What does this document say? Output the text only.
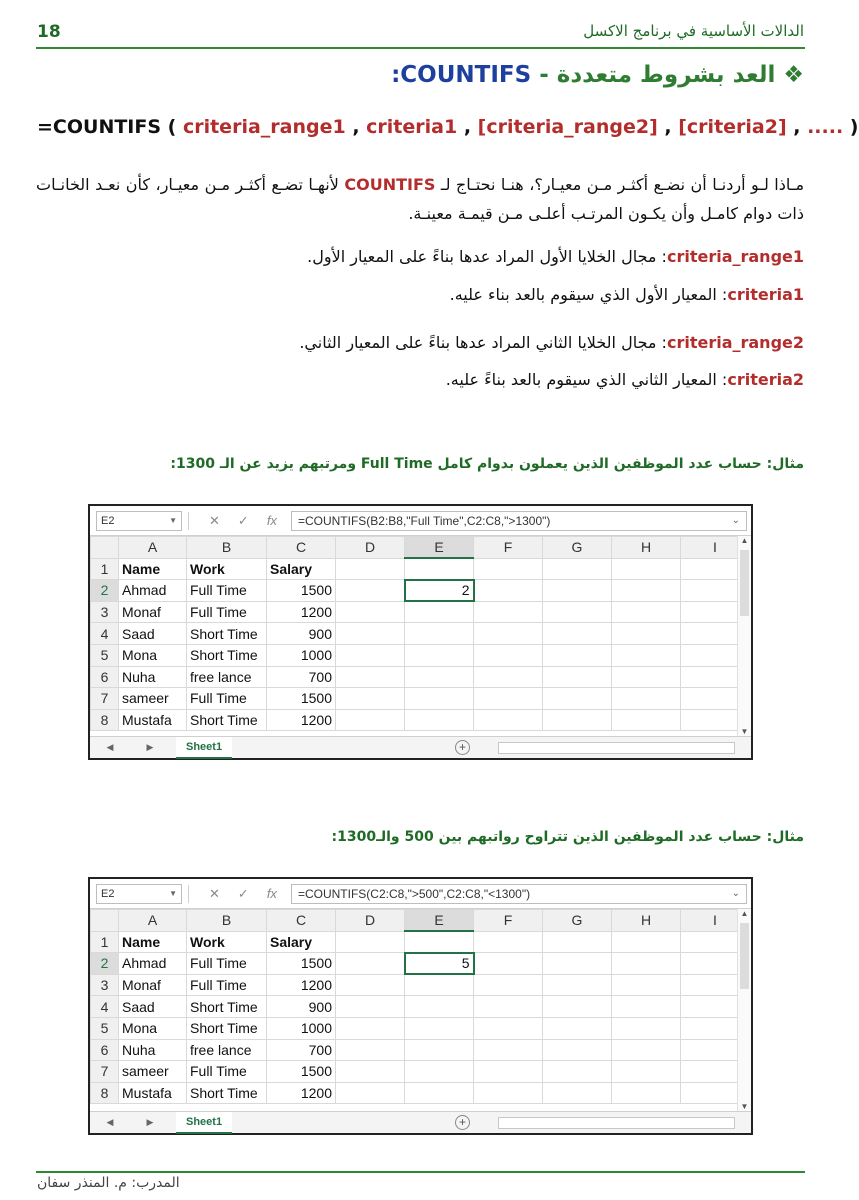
18	الدالات الأساسية في برنامج الاكسل
❖العد بشروط متعددة - COUNTIFS:
=COUNTIFS ( criteria_range1 , criteria1 , [criteria_range2] , [criteria2] , ..... )
مـاذا لـو أردنـا أن نضـع أكثـر مـن معيـار؟، هنـا نحتـاج لـ COUNTIFS لأنهـا تضـع أكثـر مـن معيـار، كأن نعـد الخانـات ذات دوام كامـل وأن يكـون المرتـب أعلـى مـن قيمـة معينـة.
criteria_range1: مجال الخلايا الأول المراد عدها بناءً على المعيار الأول.
criteria1: المعيار الأول الذي سيقوم بالعد بناء عليه.
criteria_range2: مجال الخلايا الثاني المراد عدها بناءً على المعيار الثاني.
criteria2: المعيار الثاني الذي سيقوم بالعد بناءً عليه.
مثال: حساب عدد الموظفين الذين يعملون بدوام كامل Full Time ومرتبهم يزيد عن الـ 1300:
E2	▼ ✕ ✓ fx =COUNTIFS(B2:B8,"Full Time",C2:C8,">1300")	⌄
	A	B	C	D	E	F	G	H	I
1	Name	Work	Salary						
2	Ahmad	Full Time	1500		2				
3	Monaf	Full Time	1200						
4	Saad	Short Time	900						
5	Mona	Short Time	1000						
6	Nuha	free lance	700						
7	sameer	Full Time	1500						
8	Mustafa	Short Time	1200						
▲
▼
◀	▶	Sheet1	+
مثال: حساب عدد الموظفين الذين تتراوح رواتبهم بين 500 والـ1300:
E2	▼ ✕ ✓ fx =COUNTIFS(C2:C8,">500",C2:C8,"<1300")	⌄
	A	B	C	D	E	F	G	H	I
1	Name	Work	Salary						
2	Ahmad	Full Time	1500		5				
3	Monaf	Full Time	1200						
4	Saad	Short Time	900						
5	Mona	Short Time	1000						
6	Nuha	free lance	700						
7	sameer	Full Time	1500						
8	Mustafa	Short Time	1200						
▲
▼
◀	▶	Sheet1	+
المدرب: م. المنذر سفان
